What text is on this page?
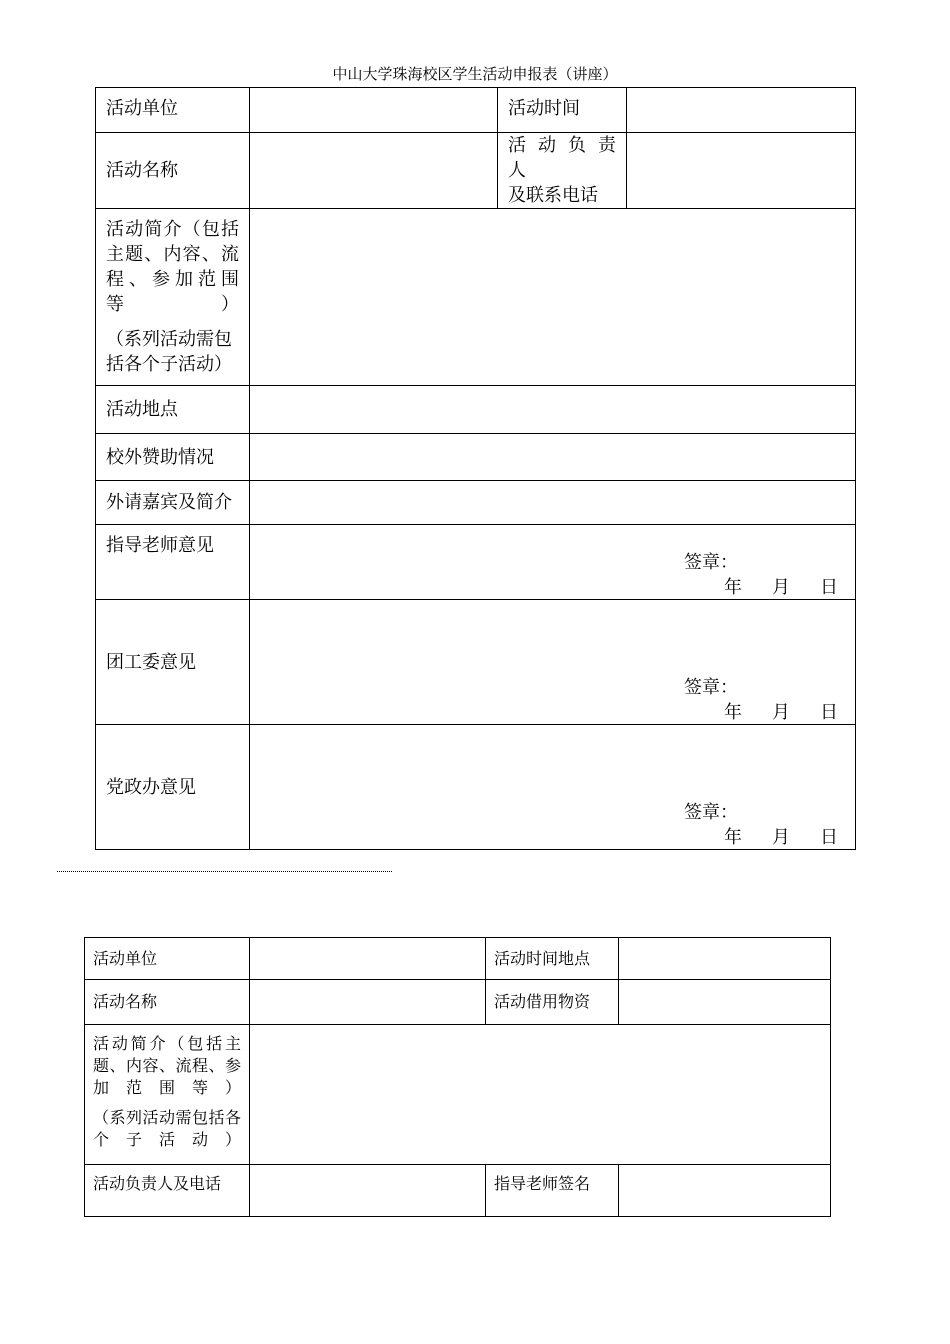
中山大学珠海校区学生活动申报表（讲座）
活动单位		活动时间	
活动名称		活 动 负 责 人
及联系电话	

活动简介（包括主题、内容、流程、参加范围等）
（系列活动需包括各个子活动）			

活动地点			
校外赞助情况			
外请嘉宾及简介			
指导老师意见	签章：
年 月 日		

团工委意见	签章：
年 月 日		

党政办意见	签章：
年 月 日		
活动单位		活动时间地点	
活动名称		活动借用物资	

活动简介（包括主题、内容、流程、参加范围等）
（系列活动需包括各个子活动）			

活动负责人及电话		指导老师签名	
